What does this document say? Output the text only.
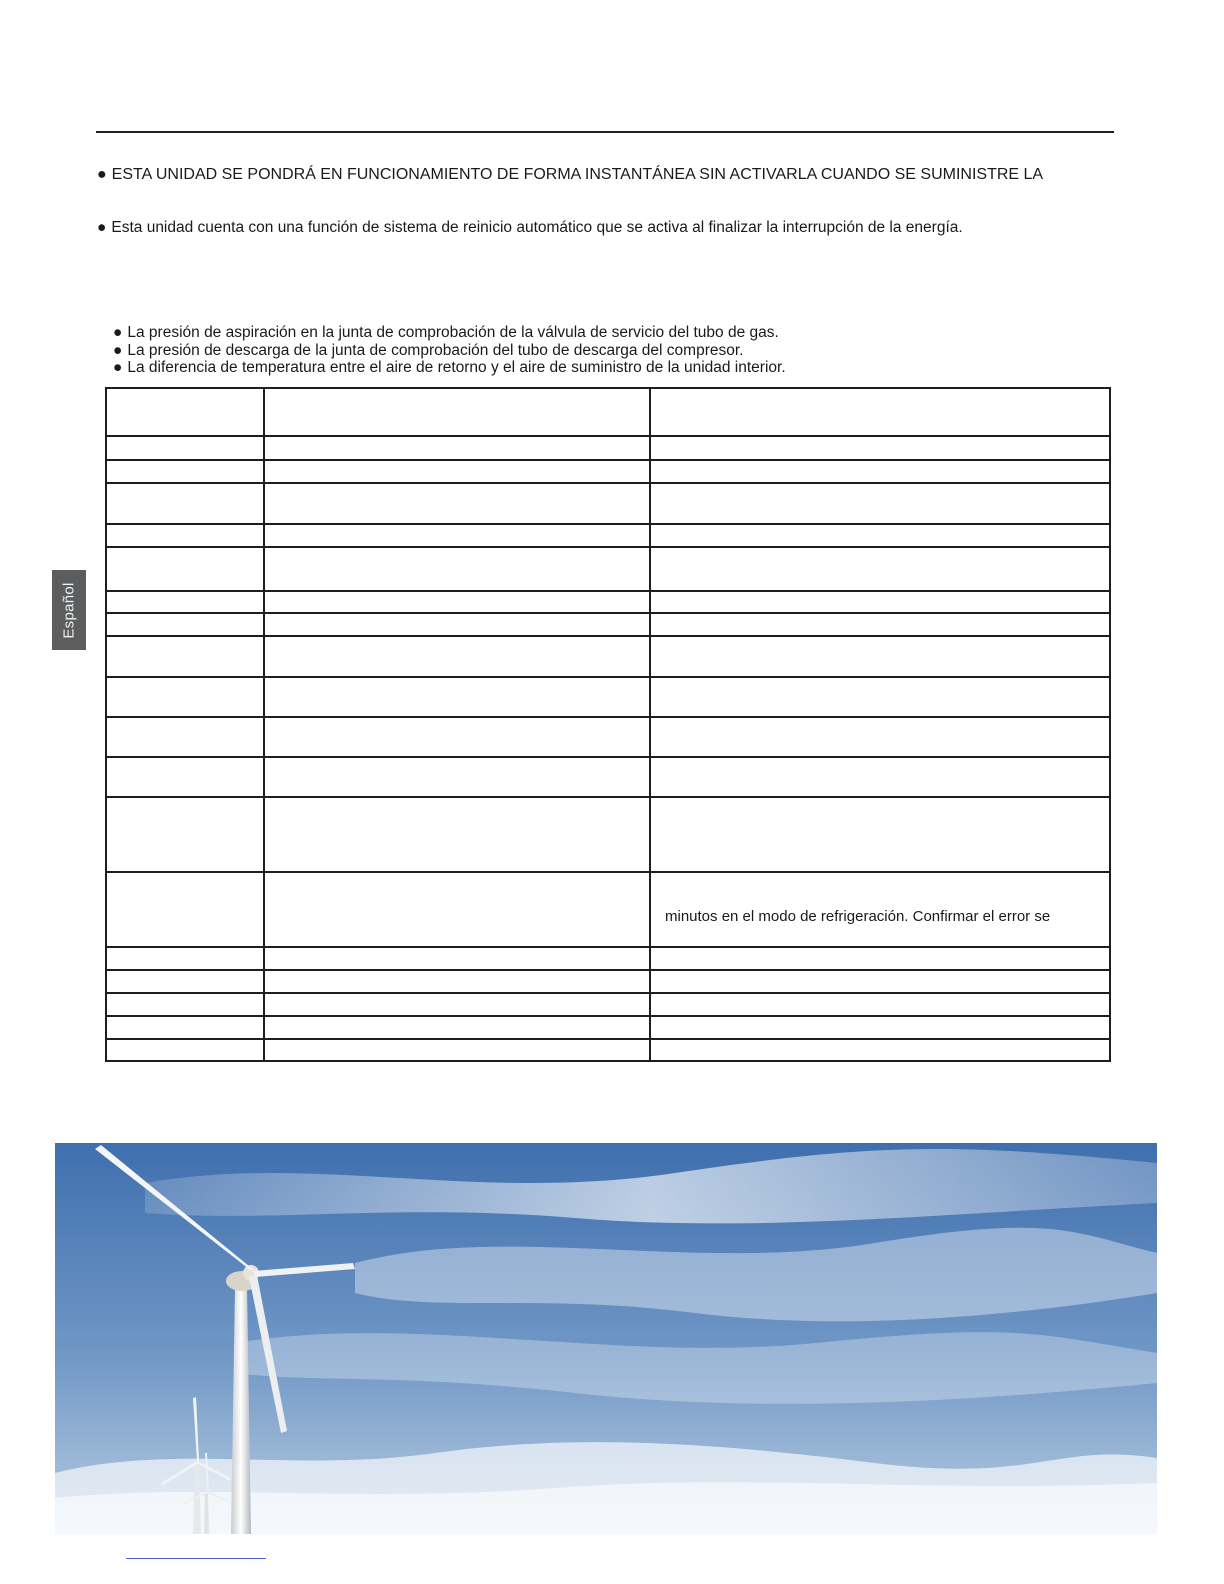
● ESTA UNIDAD SE PONDRÁ EN FUNCIONAMIENTO DE FORMA INSTANTÁNEA SIN ACTIVARLA CUANDO SE SUMINISTRE LA
● Esta unidad cuenta con una función de sistema de reinicio automático que se activa al finalizar la interrupción de la energía.
● La presión de aspiración en la junta de comprobación de la válvula de servicio del tubo de gas.
● La presión de descarga de la junta de comprobación del tubo de descarga del compresor.
● La diferencia de temperatura entre el aire de retorno y el aire de suministro de la unidad interior.
Español

		minutos en el modo de refrigeración. Confirmar el error se
